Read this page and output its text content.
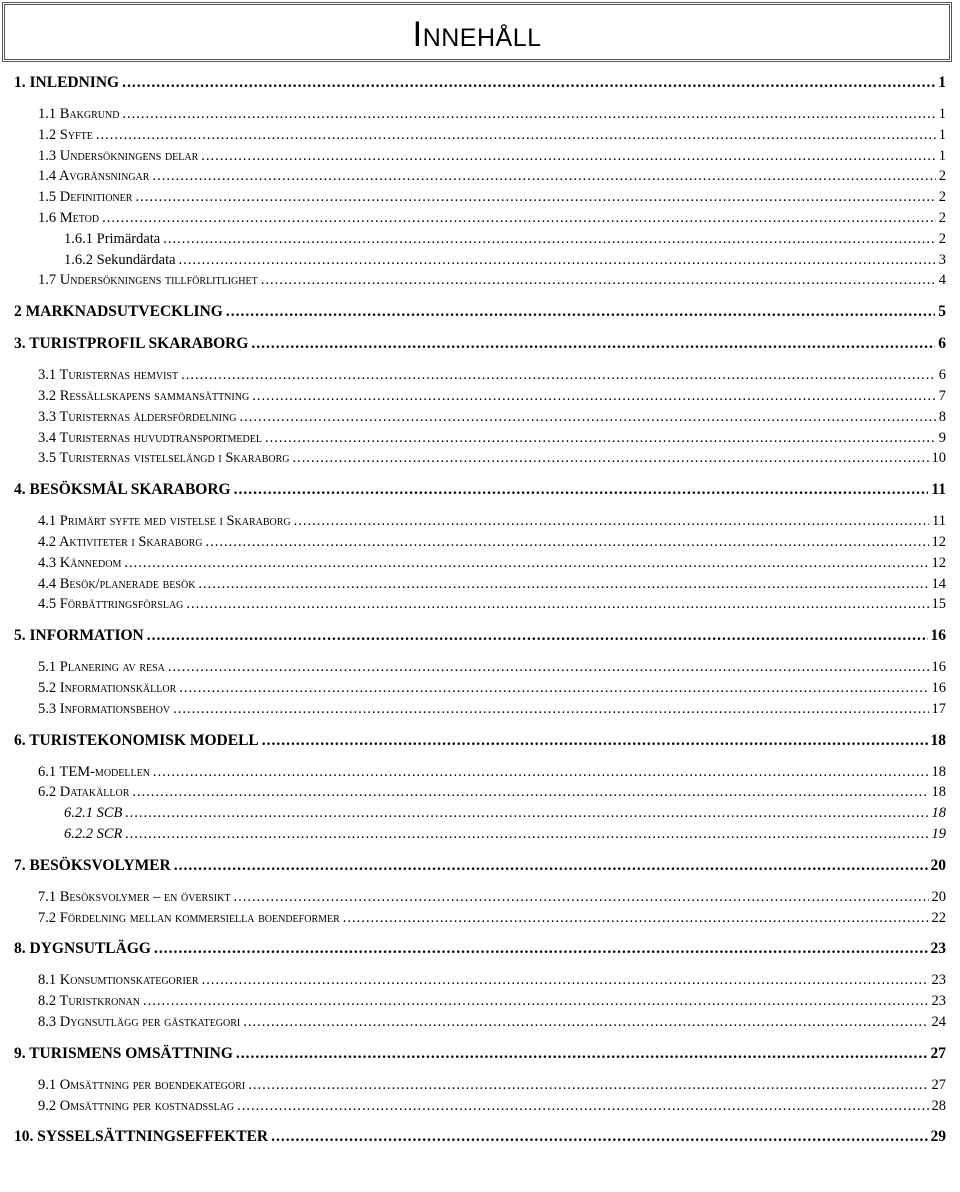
Innehåll
1. INLEDNING .....	1
1.1 Bakgrund .....	1
1.2 Syfte .....	1
1.3 Undersökningens delar .....	1
1.4 Avgränsningar .....	2
1.5 Definitioner .....	2
1.6 Metod .....	2
1.6.1 Primärdata .....	2
1.6.2 Sekundärdata .....	3
1.7 Undersökningens tillförlitlighet .....	4
2 MARKNADSUTVECKLING .....	5
3. TURISTPROFIL SKARABORG .....	6
3.1 Turisternas hemvist .....	6
3.2 Ressällskapens sammansättning .....	7
3.3 Turisternas åldersfördelning .....	8
3.4 Turisternas huvudtransportmedel .....	9
3.5 Turisternas vistelselängd i Skaraborg .....	10
4. BESÖKSMÅL SKARABORG .....	11
4.1 Primärt syfte med vistelse i Skaraborg .....	11
4.2 Aktiviteter i Skaraborg .....	12
4.3 Kännedom .....	12
4.4 Besök/planerade besök .....	14
4.5 Förbättringsförslag .....	15
5. INFORMATION .....	16
5.1 Planering av resa .....	16
5.2 Informationskällor .....	16
5.3 Informationsbehov .....	17
6. TURISTEKONOMISK MODELL .....	18
6.1 TEM-modellen .....	18
6.2 Datakällor .....	18
6.2.1 SCB .....	18
6.2.2 SCR .....	19
7. BESÖKSVOLYMER .....	20
7.1 Besöksvolymer – en översikt .....	20
7.2 Fördelning mellan kommersiella boendeformer .....	22
8. DYGNSUTLÄGG .....	23
8.1 Konsumtionskategorier .....	23
8.2 Turistkronan .....	23
8.3 Dygnsutlägg per gästkategori .....	24
9. TURISMENS OMSÄTTNING .....	27
9.1 Omsättning per boendekategori .....	27
9.2 Omsättning per kostnadsslag .....	28
10. SYSSELSÄTTNINGSEFFEKTER .....	29
